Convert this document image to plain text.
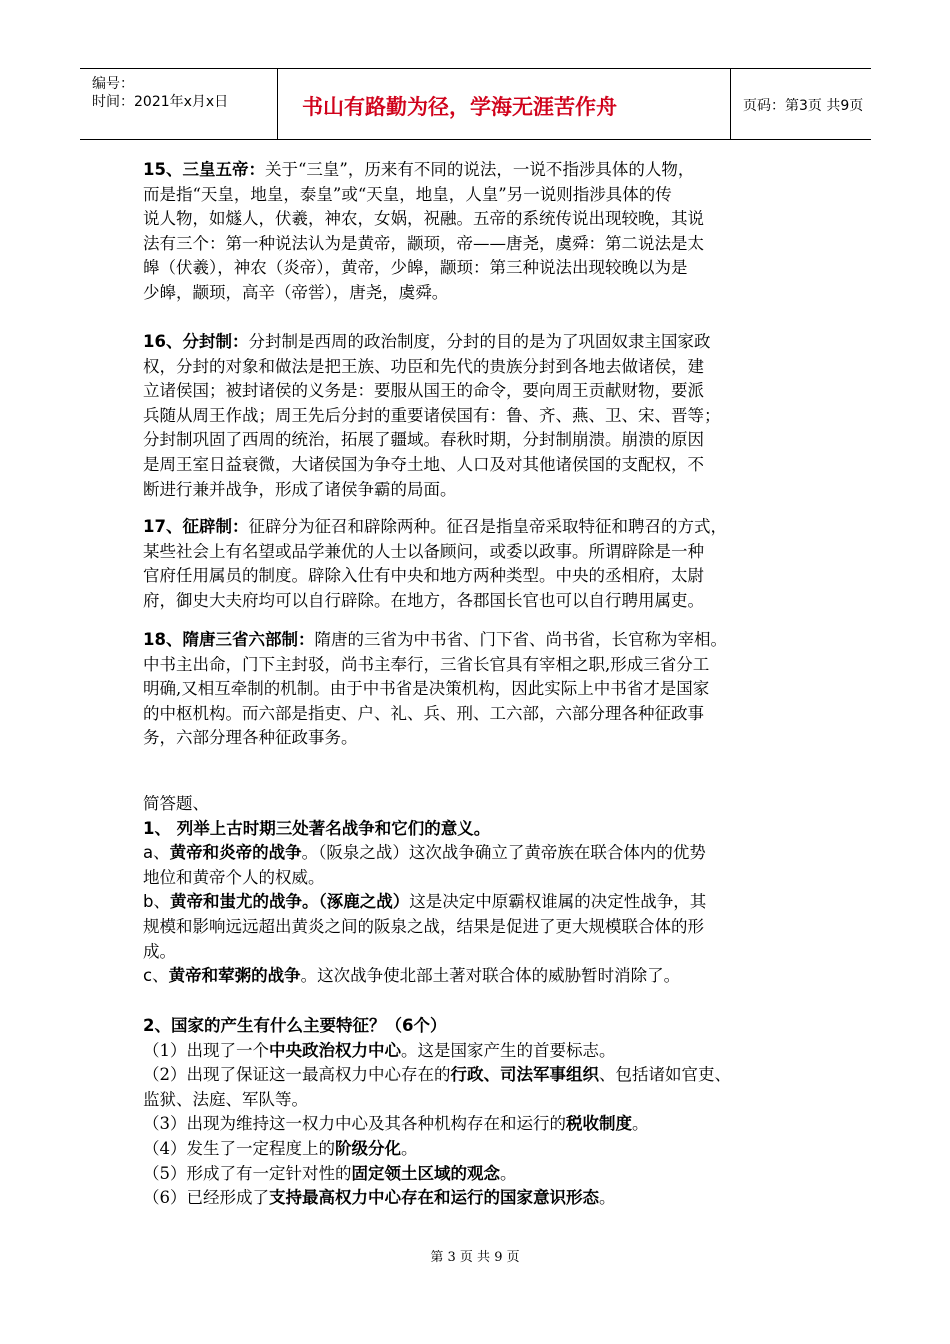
编号：
时间：2021年x月x日	书山有路勤为径，学海无涯苦作舟	页码：第3页 共9页
15、三皇五帝：关于“三皇”，历来有不同的说法，一说不指涉具体的人物，
而是指“天皇，地皇，泰皇”或“天皇，地皇，人皇”另一说则指涉具体的传
说人物，如燧人，伏羲，神农，女娲，祝融。五帝的系统传说出现较晚，其说
法有三个：第一种说法认为是黄帝，颛顼，帝——唐尧，虞舜：第二说法是太
皞（伏羲），神农（炎帝），黄帝，少皞，颛顼：第三种说法出现较晚以为是
少皞，颛顼，高辛（帝喾），唐尧，虞舜。
16、分封制：分封制是西周的政治制度，分封的目的是为了巩固奴隶主国家政
权，分封的对象和做法是把王族、功臣和先代的贵族分封到各地去做诸侯，建
立诸侯国；被封诸侯的义务是：要服从国王的命令，要向周王贡献财物，要派
兵随从周王作战；周王先后分封的重要诸侯国有：鲁、齐、燕、卫、宋、晋等；
分封制巩固了西周的统治，拓展了疆域。春秋时期，分封制崩溃。崩溃的原因
是周王室日益衰微，大诸侯国为争夺土地、人口及对其他诸侯国的支配权，不
断进行兼并战争，形成了诸侯争霸的局面。
17、征辟制：征辟分为征召和辟除两种。征召是指皇帝采取特征和聘召的方式，
某些社会上有名望或品学兼优的人士以备顾问，或委以政事。所谓辟除是一种
官府任用属员的制度。辟除入仕有中央和地方两种类型。中央的丞相府，太尉
府，御史大夫府均可以自行辟除。在地方，各郡国长官也可以自行聘用属吏。
18、隋唐三省六部制：隋唐的三省为中书省、门下省、尚书省，长官称为宰相。
中书主出命，门下主封驳，尚书主奉行，三省长官具有宰相之职,形成三省分工
明确,又相互牵制的机制。由于中书省是决策机构，因此实际上中书省才是国家
的中枢机构。而六部是指吏、户、礼、兵、刑、工六部，六部分理各种征政事
务，六部分理各种征政事务。
简答题、
1、 列举上古时期三处著名战争和它们的意义。
a、黄帝和炎帝的战争。（阪泉之战）这次战争确立了黄帝族在联合体内的优势
地位和黄帝个人的权威。
b、黄帝和蚩尤的战争。（涿鹿之战）这是决定中原霸权谁属的决定性战争，其
规模和影响远远超出黄炎之间的阪泉之战，结果是促进了更大规模联合体的形
成。
c、黄帝和荤粥的战争。这次战争使北部土著对联合体的威胁暂时消除了。
2、国家的产生有什么主要特征？（6个）
（1）出现了一个中央政治权力中心。这是国家产生的首要标志。
（2）出现了保证这一最高权力中心存在的行政、司法军事组织、包括诸如官吏、
监狱、法庭、军队等。
（3）出现为维持这一权力中心及其各种机构存在和运行的税收制度。
（4）发生了一定程度上的阶级分化。
（5）形成了有一定针对性的固定领土区域的观念。
（6）已经形成了支持最高权力中心存在和运行的国家意识形态。
第 3 页 共 9 页
